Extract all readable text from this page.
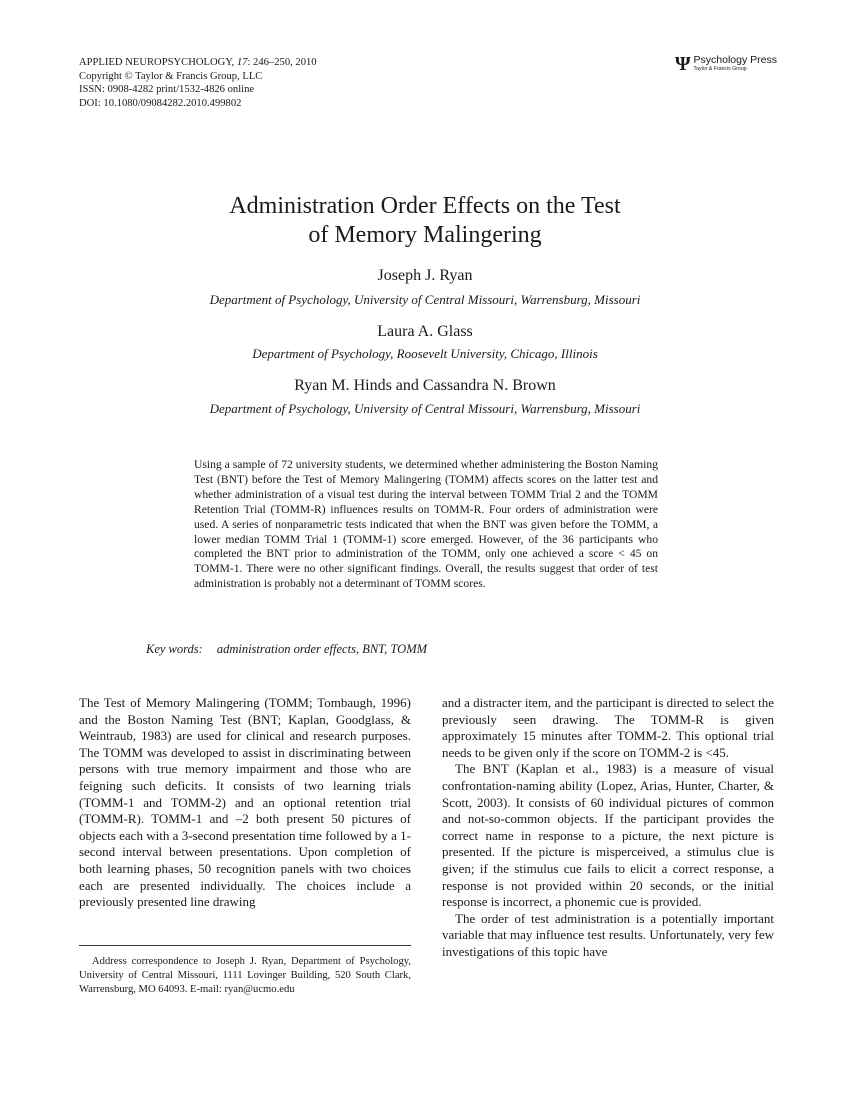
APPLIED NEUROPSYCHOLOGY, 17: 246–250, 2010
Copyright © Taylor & Francis Group, LLC
ISSN: 0908-4282 print/1532-4826 online
DOI: 10.1080/09084282.2010.499802
Ψ Psychology Press
Taylor & Francis Group
Administration Order Effects on the Test
of Memory Malingering
Joseph J. Ryan
Department of Psychology, University of Central Missouri, Warrensburg, Missouri
Laura A. Glass
Department of Psychology, Roosevelt University, Chicago, Illinois
Ryan M. Hinds and Cassandra N. Brown
Department of Psychology, University of Central Missouri, Warrensburg, Missouri
Using a sample of 72 university students, we determined whether administering the Boston Naming Test (BNT) before the Test of Memory Malingering (TOMM) affects scores on the latter test and whether administration of a visual test during the interval between TOMM Trial 2 and the TOMM Retention Trial (TOMM-R) influences results on TOMM-R. Four orders of administration were used. A series of nonparametric tests indicated that when the BNT was given before the TOMM, a lower median TOMM Trial 1 (TOMM-1) score emerged. However, of the 36 participants who completed the BNT prior to administration of the TOMM, only one achieved a score < 45 on TOMM-1. There were no other significant findings. Overall, the results suggest that order of test administration is probably not a determinant of TOMM scores.
Key words: administration order effects, BNT, TOMM

The Test of Memory Malingering (TOMM; Tombaugh, 1996) and the Boston Naming Test (BNT; Kaplan, Goodglass, & Weintraub, 1983) are used for clinical and research purposes. The TOMM was developed to assist in discriminating between persons with true memory impairment and those who are feigning such deficits. It consists of two learning trials (TOMM-1 and TOMM-2) and an optional retention trial (TOMM-R). TOMM-1 and –2 both present 50 pictures of objects each with a 3-second presentation time followed by a 1-second interval between presentations. Upon completion of both learning phases, 50 recognition panels with two choices each are presented individually. The choices include a previously presented line drawing

and a distracter item, and the participant is directed to select the previously seen drawing. The TOMM-R is given approximately 15 minutes after TOMM-2. This optional trial needs to be given only if the score on TOMM-2 is <45.

The BNT (Kaplan et al., 1983) is a measure of visual confrontation-naming ability (Lopez, Arias, Hunter, Charter, & Scott, 2003). It consists of 60 individual pictures of common and not-so-common objects. If the participant provides the correct name in response to a picture, the next picture is presented. If the picture is misperceived, a stimulus clue is given; if the stimulus cue fails to elicit a correct response, a response is not provided within 20 seconds, or the initial response is incorrect, a phonemic cue is provided.

The order of test administration is a potentially important variable that may influence test results. Unfortunately, very few investigations of this topic have

Address correspondence to Joseph J. Ryan, Department of Psychology, University of Central Missouri, 1111 Lovinger Building, 520 South Clark, Warrensburg, MO 64093. E-mail: ryan@ucmo.edu
